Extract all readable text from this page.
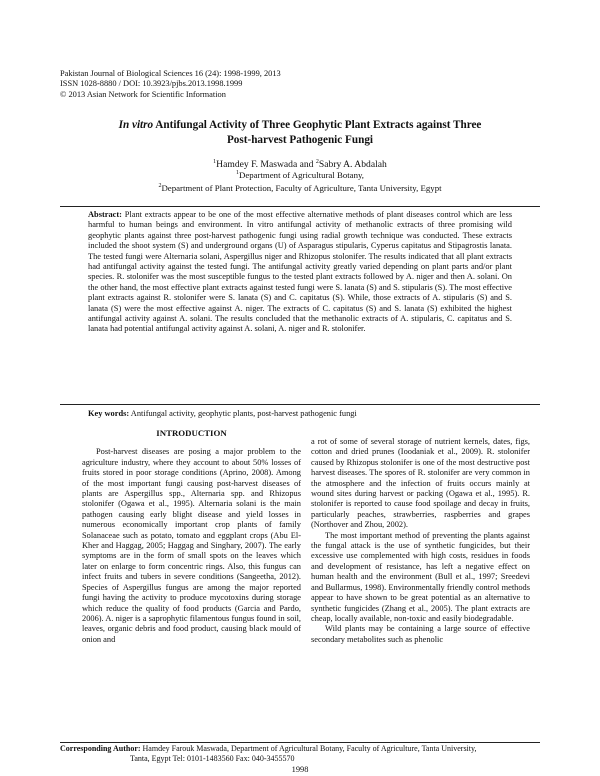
Pakistan Journal of Biological Sciences 16 (24): 1998-1999, 2013
ISSN 1028-8880 / DOI: 10.3923/pjbs.2013.1998.1999
© 2013 Asian Network for Scientific Information
In vitro Antifungal Activity of Three Geophytic Plant Extracts against Three
Post-harvest Pathogenic Fungi
$^1$Hamdey F. Maswada and $^2$Sabry A. Abdalah
$^1$Department of Agricultural Botany,
$^2$Department of Plant Protection, Faculty of Agriculture, Tanta University, Egypt
Abstract: Plant extracts appear to be one of the most effective alternative methods of plant diseases control which are less harmful to human beings and environment. In vitro antifungal activity of methanolic extracts of three promising wild geophytic plants against three post-harvest pathogenic fungi using radial growth technique was conducted. These extracts included the shoot system (S) and underground organs (U) of Asparagus stipularis, Cyperus capitatus and Stipagrostis lanata. The tested fungi were Alternaria solani, Aspergillus niger and Rhizopus stolonifer. The results indicated that all plant extracts had antifungal activity against the tested fungi. The antifungal activity greatly varied depending on plant parts and/or plant species. R. stolonifer was the most susceptible fungus to the tested plant extracts followed by A. niger and then A. solani. On the other hand, the most effective plant extracts against tested fungi were S. lanata (S) and S. stipularis (S). The most effective plant extracts against R. stolonifer were S. lanata (S) and C. capitatus (S). While, those extracts of A. stipularis (S) and S. lanata (S) were the most effective against A. niger. The extracts of C. capitatus (S) and S. lanata (S) exhibited the highest antifungal activity against A. solani. The results concluded that the methanolic extracts of A. stipularis, C. capitatus and S. lanata had potential antifungal activity against A. solani, A. niger and R. stolonifer.
Key words: Antifungal activity, geophytic plants, post-harvest pathogenic fungi
INTRODUCTION

Post-harvest diseases are posing a major problem to the agriculture industry, where they account to about 50% losses of fruits stored in poor storage conditions (Aprino, 2008). Among of the most important fungi causing post-harvest diseases of plants are Aspergillus spp., Alternaria spp. and Rhizopus stolonifer (Ogawa et al., 1995). Alternaria solani is the main pathogen causing early blight disease and yield losses in numerous economically important crop plants of family Solanaceae such as potato, tomato and eggplant crops (Abu El-Kher and Haggag, 2005; Haggag and Singhary, 2007). The early symptoms are in the form of small spots on the leaves which later on enlarge to form concentric rings. Also, this fungus can infect fruits and tubers in severe conditions (Sangeetha, 2012). Species of Aspergillus fungus are among the major reported fungi having the activity to produce mycotoxins during storage which reduce the quality of food products (Garcia and Pardo, 2006). A. niger is a saprophytic filamentous fungus found in soil, leaves, organic debris and food product, causing black mould of onion and

a rot of some of several storage of nutrient kernels, dates, figs, cotton and dried prunes (Ioodaniak et al., 2009). R. stolonifer caused by Rhizopus stolonifer is one of the most destructive post harvest diseases. The spores of R. stolonifer are very common in the atmosphere and the infection of fruits occurs mainly at wound sites during harvest or packing (Ogawa et al., 1995). R. stolonifer is reported to cause food spoilage and decay in fruits, particularly peaches, strawberries, raspberries and grapes (Northover and Zhou, 2002).

The most important method of preventing the plants against the fungal attack is the use of synthetic fungicides, but their excessive use complemented with high costs, residues in foods and development of resistance, has left a negative effect on human health and the environment (Bull et al., 1997; Sreedevi and Bullarmus, 1998). Environmentally friendly control methods appear to have shown to be great potential as an alternative to synthetic fungicides (Zhang et al., 2005). The plant extracts are cheap, locally available, non-toxic and easily biodegradable.

Wild plants may be containing a large source of effective secondary metabolites such as phenolic

Corresponding Author: Hamdey Farouk Maswada, Department of Agricultural Botany, Faculty of Agriculture, Tanta University,
Tanta, Egypt Tel: 0101-1483560 Fax: 040-3455570
1998
